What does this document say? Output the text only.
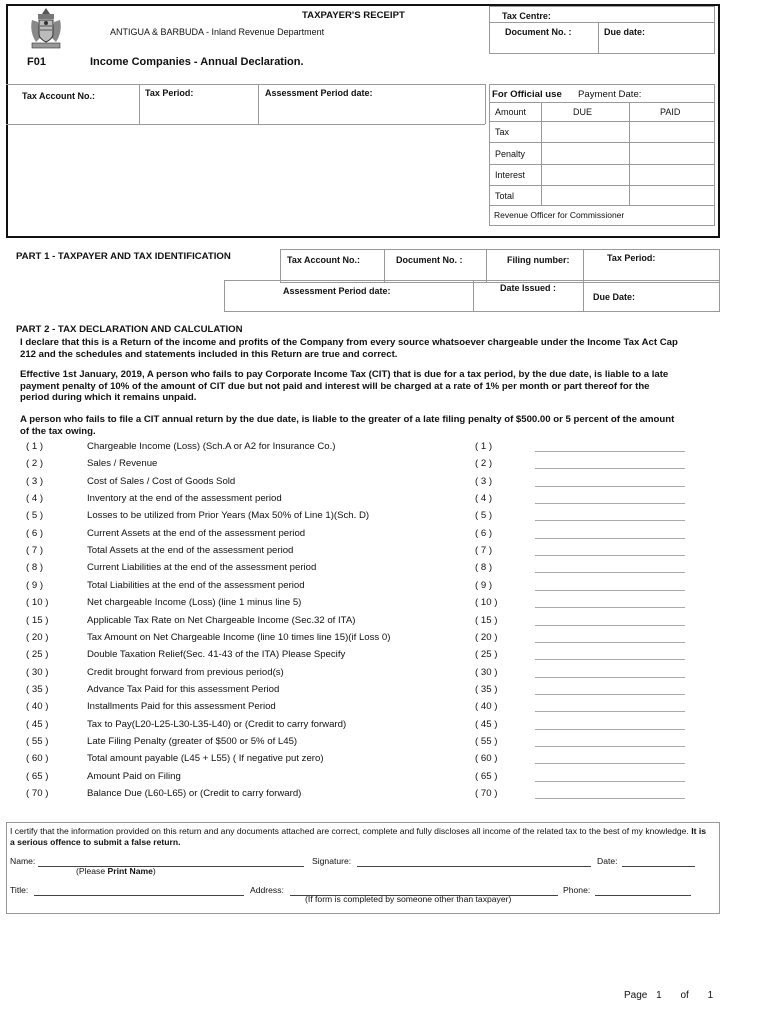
TAXPAYER'S RECEIPT
ANTIGUA & BARBUDA - Inland Revenue Department
F01	Income Companies - Annual Declaration.
Tax Centre:
Document No. :	Due date:
Tax Account No.:	Tax Period:	Assessment Period date:	For Official use Payment Date:
Amount	DUE	PAID
Tax
Penalty
Interest
Total
Revenue Officer for Commissioner
PART 1 - TAXPAYER AND TAX IDENTIFICATION	Tax Account No.:	Document No. :	Filing number:	Tax Period:
Assessment Period date:	Date Issued :
Due Date:
PART 2 - TAX DECLARATION AND CALCULATION
I declare that this is a Return of the income and profits of the Company from every source whatsoever chargeable under the Income Tax Act Cap 212 and the schedules and statements included in this Return are true and correct.
Effective 1st January, 2019, A person who fails to pay Corporate Income Tax (CIT) that is due for a tax period, by the due date, is liable to a late payment penalty of 10% of the amount of CIT due but not paid and interest will be charged at a rate of 1% per month or part thereof for the period during which it remains unpaid.
A person who fails to file a CIT annual return by the due date, is liable to the greater of a late filing penalty of $500.00 or 5 percent of the amount of the tax owing.
( 1 )	Chargeable Income (Loss) (Sch.A or A2 for Insurance Co.)	( 1 )
( 2 )	Sales / Revenue	( 2 )
( 3 )	Cost of Sales / Cost of Goods Sold	( 3 )
( 4 )	Inventory at the end of the assessment period	( 4 )
( 5 )	Losses to be utilized from Prior Years (Max 50% of Line 1)(Sch. D)	( 5 )
( 6 )	Current Assets at the end of the assessment period	( 6 )
( 7 )	Total Assets at the end of the assessment period	( 7 )
( 8 )	Current Liabilities at the end of the assessment period	( 8 )
( 9 )	Total Liabilities at the end of the assessment period	( 9 )
( 10 )	Net chargeable Income (Loss) (line 1 minus line 5)	( 10 )
( 15 )	Applicable Tax Rate on Net Chargeable Income (Sec.32 of ITA)	( 15 )
( 20 )	Tax Amount on Net Chargeable Income (line 10 times line 15)(if Loss 0)	( 20 )
( 25 )	Double Taxation Relief(Sec. 41-43 of the ITA) Please Specify	( 25 )
( 30 )	Credit brought forward from previous period(s)	( 30 )
( 35 )	Advance Tax Paid for this assessment Period	( 35 )
( 40 )	Installments Paid for this assessment Period	( 40 )
( 45 )	Tax to Pay(L20-L25-L30-L35-L40) or (Credit to carry forward)	( 45 )
( 55 )	Late Filing Penalty (greater of $500 or 5% of L45)	( 55 )
( 60 )	Total amount payable (L45 + L55) ( If negative put zero)	( 60 )
( 65 )	Amount Paid on Filing	( 65 )
( 70 )	Balance Due (L60-L65) or (Credit to carry forward)	( 70 )
I certify that the information provided on this return and any documents attached are correct, complete and fully discloses all income of the related tax to the best of my knowledge. It is a serious offence to submit a false return.
Name:	Signature:	Date:
(Please Print Name)
Title:	Address:	Phone:
(If form is completed by someone other than taxpayer)
Page 1 of 1
